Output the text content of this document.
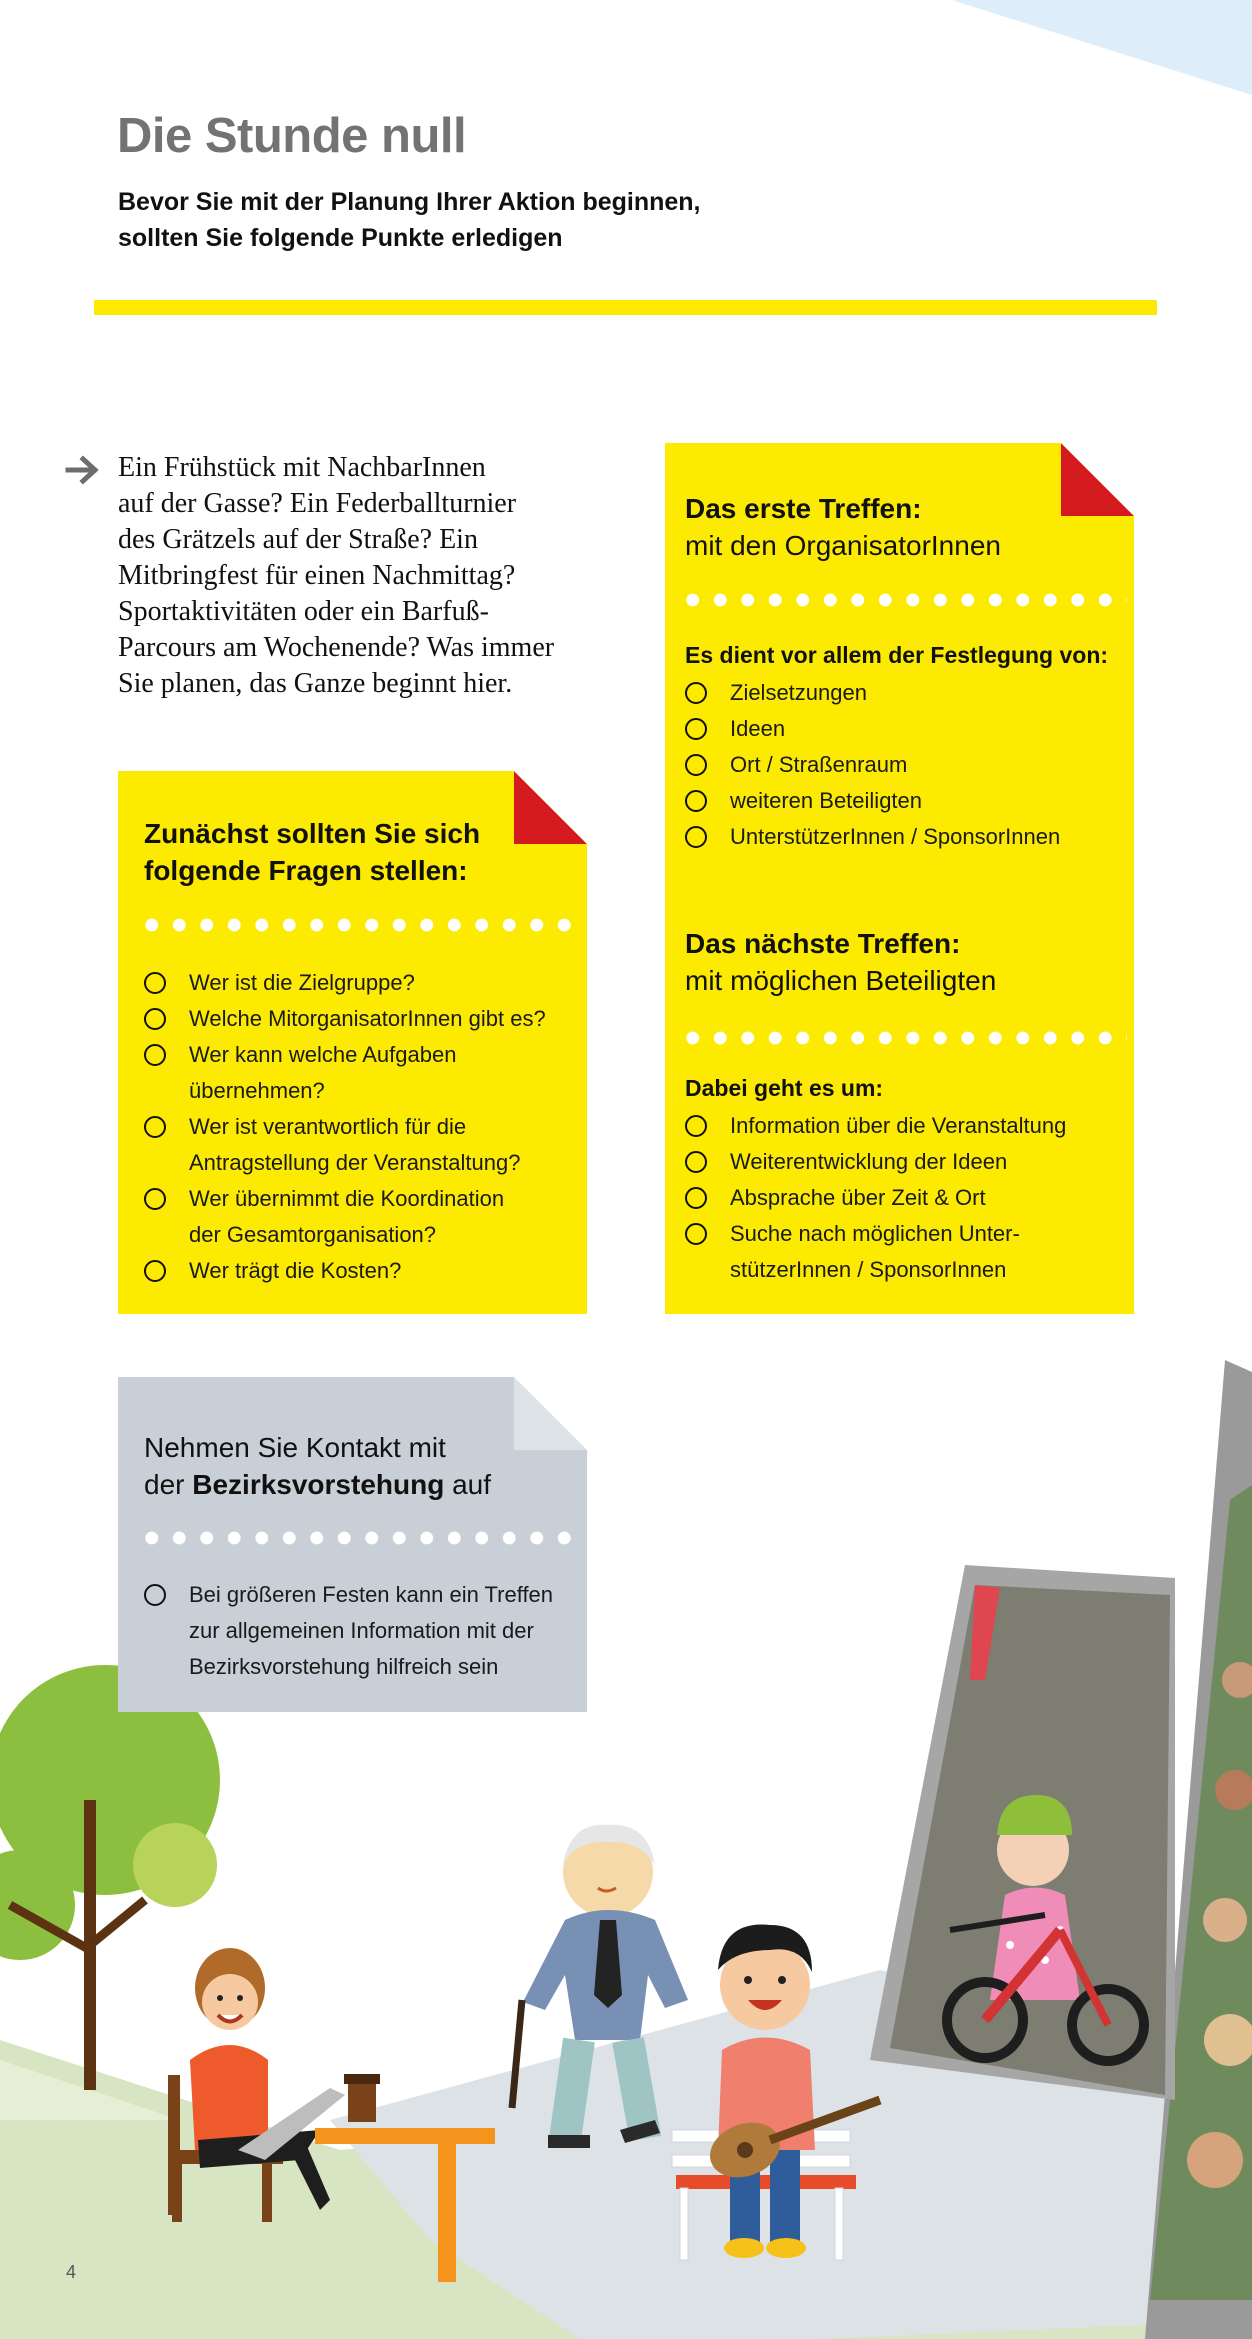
Die Stunde null
Bevor Sie mit der Planung Ihrer Aktion beginnen,
sollten Sie folgende Punkte erledigen
Ein Frühstück mit NachbarInnen
auf der Gasse? Ein Federballturnier
des Grätzels auf der Straße? Ein
Mitbringfest für einen Nachmittag?
Sportaktivitäten oder ein Barfuß-
Parcours am Wochenende? Was immer
Sie planen, das Ganze beginnt hier.
Zunächst sollten Sie sich
folgende Fragen stellen:
Wer ist die Zielgruppe?
Welche MitorganisatorInnen gibt es?
Wer kann welche Aufgaben
übernehmen?
Wer ist verantwortlich für die
Antragstellung der Veranstaltung?
Wer übernimmt die Koordination
der Gesamtorganisation?
Wer trägt die Kosten?
Das erste Treffen:
mit den OrganisatorInnen
Es dient vor allem der Festlegung von:
Zielsetzungen
Ideen
Ort / Straßenraum
weiteren Beteiligten
UnterstützerInnen / SponsorInnen
Das nächste Treffen:
mit möglichen Beteiligten
Dabei geht es um:
Information über die Veranstaltung
Weiterentwicklung der Ideen
Absprache über Zeit & Ort
Suche nach möglichen Unter-
stützerInnen / SponsorInnen
Nehmen Sie Kontakt mit
der Bezirksvorstehung auf
Bei größeren Festen kann ein Treffen
zur allgemeinen Information mit der
Bezirksvorstehung hilfreich sein
4
